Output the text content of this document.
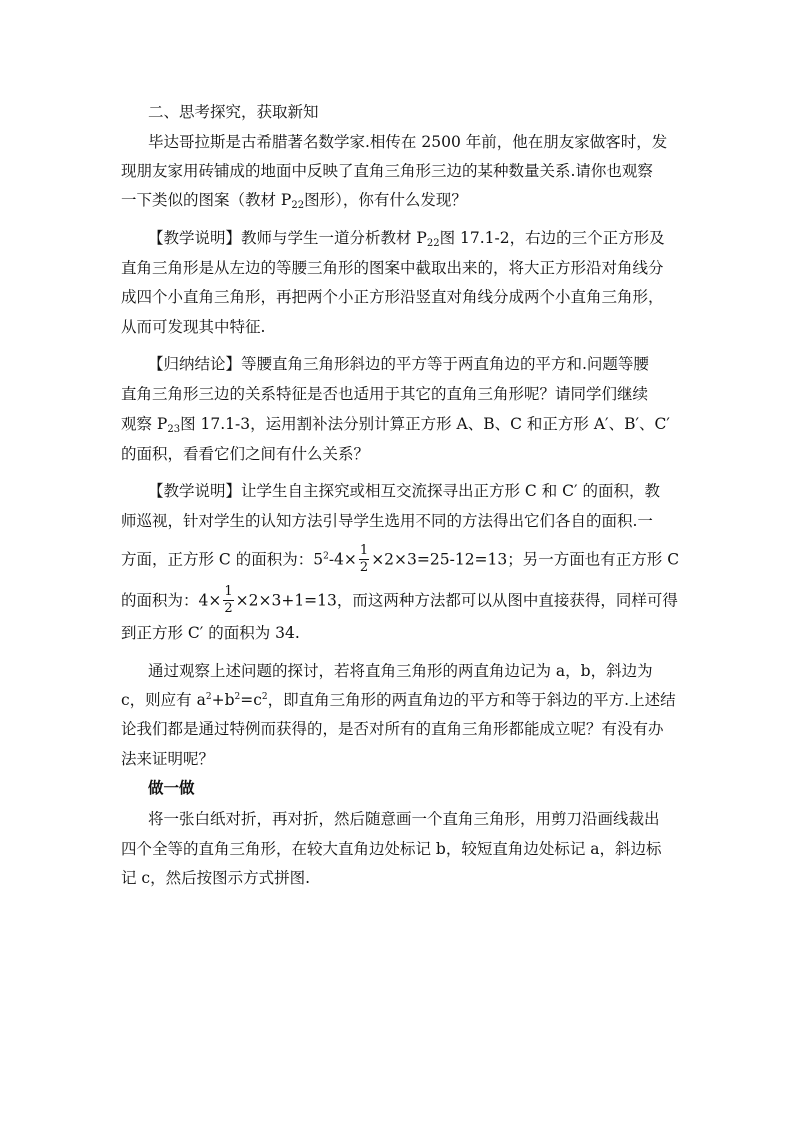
二、思考探究，获取新知
毕达哥拉斯是古希腊著名数学家.相传在 2500 年前，他在朋友家做客时，发
现朋友家用砖铺成的地面中反映了直角三角形三边的某种数量关系.请你也观察
一下类似的图案（教材 $P_{22}$图形），你有什么发现？
【教学说明】教师与学生一道分析教材 $P_{22}$图 17.1-2，右边的三个正方形及
直角三角形是从左边的等腰三角形的图案中截取出来的，将大正方形沿对角线分
成四个小直角三角形，再把两个小正方形沿竖直对角线分成两个小直角三角形，
从而可发现其中特征.
【归纳结论】等腰直角三角形斜边的平方等于两直角边的平方和.问题等腰
直角三角形三边的关系特征是否也适用于其它的直角三角形呢？请同学们继续
观察 $P_{23}$图 17.1-3，运用割补法分别计算正方形 A、B、C 和正方形 A′、B′、C′
的面积，看看它们之间有什么关系？
【教学说明】让学生自主探究或相互交流探寻出正方形 C 和 C′ 的面积，教
师巡视，针对学生的认知方法引导学生选用不同的方法得出它们各自的面积.一
方面，正方形 C 的面积为：$5^2-4\times \frac{1}{2} \times 2\times 3=25-12=13$；另一方面也有正方形 C
的面积为：$4\times \frac{1}{2} \times 2\times 3+1=13$，而这两种方法都可以从图中直接获得，同样可得
到正方形 C′ 的面积为 34.
通过观察上述问题的探讨，若将直角三角形的两直角边记为 a，b，斜边为
c，则应有 $a^2+b^2=c^2$，即直角三角形的两直角边的平方和等于斜边的平方.上述结
论我们都是通过特例而获得的，是否对所有的直角三角形都能成立呢？有没有办
法来证明呢？
做一做
将一张白纸对折，再对折，然后随意画一个直角三角形，用剪刀沿画线裁出
四个全等的直角三角形，在较大直角边处标记 b，较短直角边处标记 a，斜边标
记 c，然后按图示方式拼图.
